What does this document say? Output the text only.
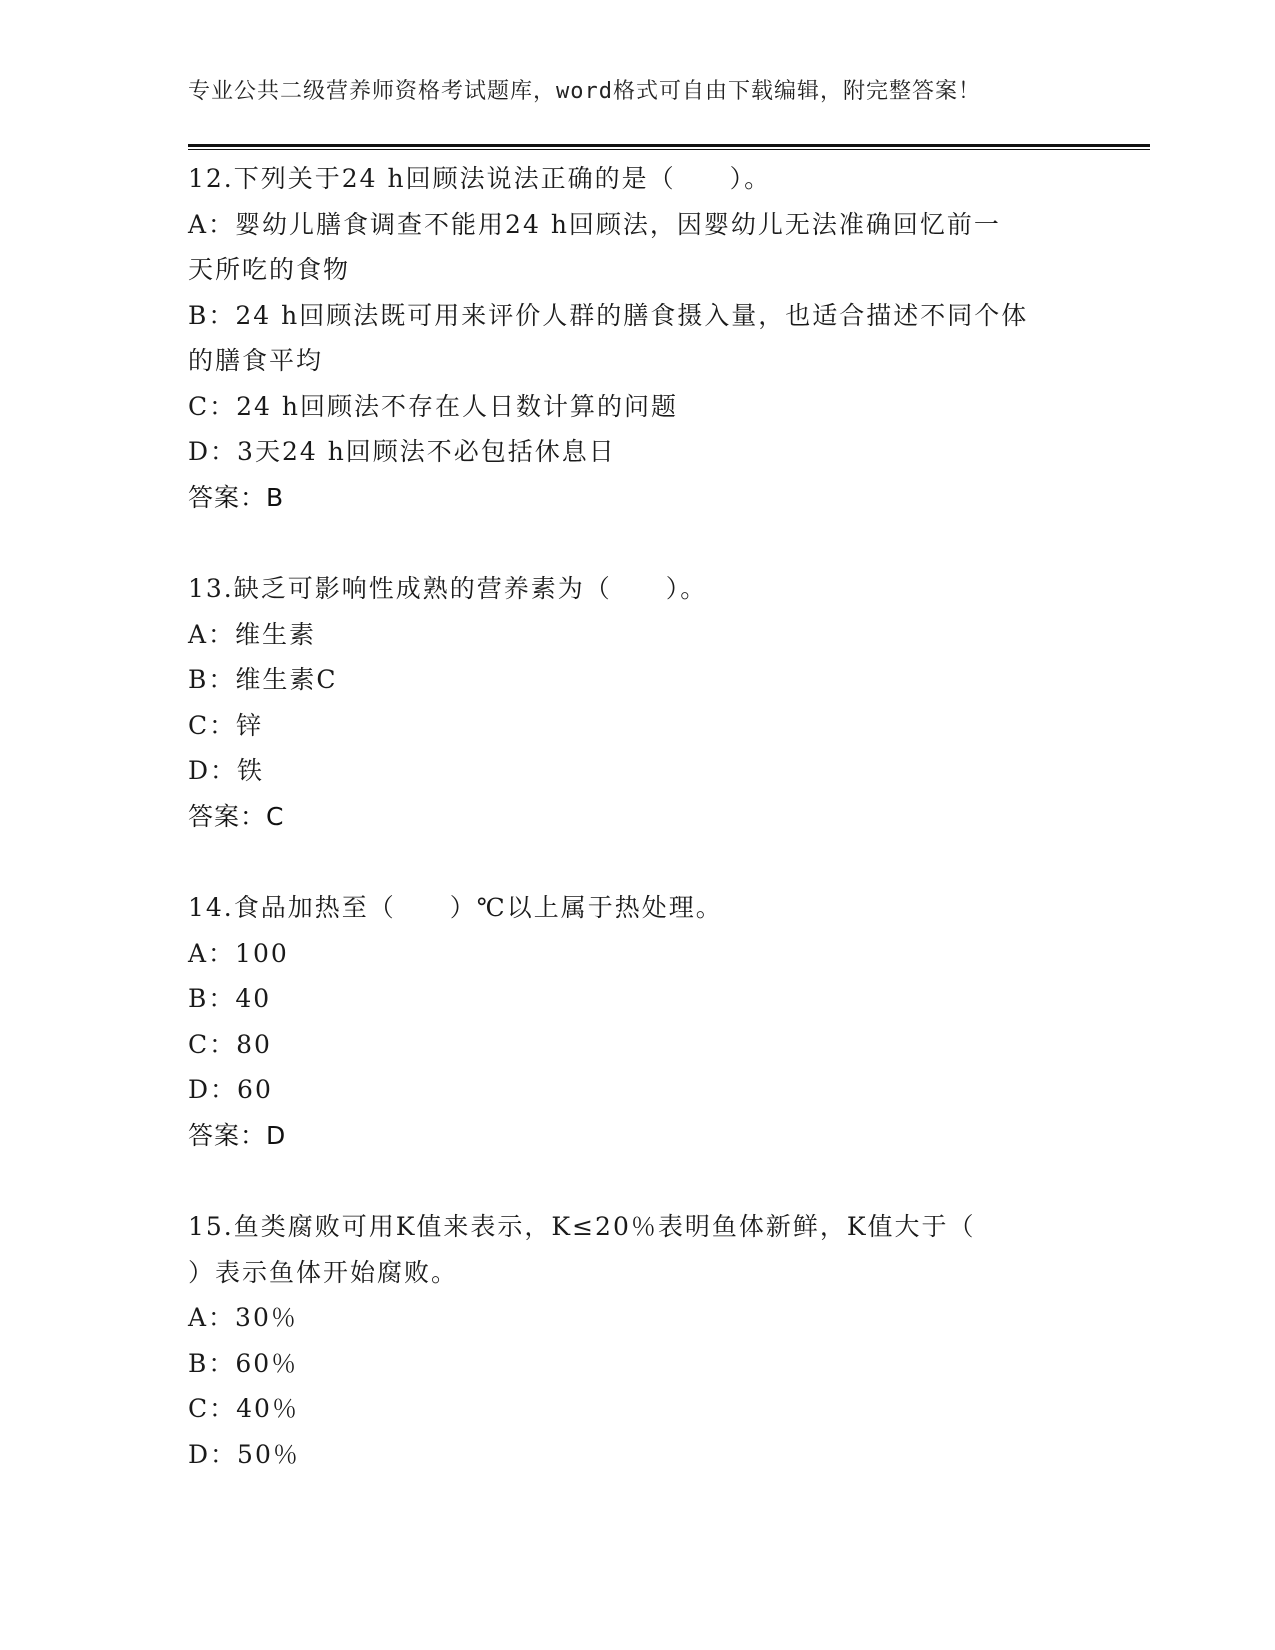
专业公共二级营养师资格考试题库，word格式可自由下载编辑，附完整答案！
12.下列关于24 h回顾法说法正确的是（　　）。
A：婴幼儿膳食调查不能用24 h回顾法，因婴幼儿无法准确回忆前一
天所吃的食物
B：24 h回顾法既可用来评价人群的膳食摄入量，也适合描述不同个体
的膳食平均
C：24 h回顾法不存在人日数计算的问题
D：3天24 h回顾法不必包括休息日
答案：B
13.缺乏可影响性成熟的营养素为（　　）。
A：维生素
B：维生素C
C：锌
D：铁
答案：C
14.食品加热至（　　）℃以上属于热处理。
A：100
B：40
C：80
D：60
答案：D
15.鱼类腐败可用K值来表示，K≤20％表明鱼体新鲜，K值大于（
）表示鱼体开始腐败。
A：30％
B：60％
C：40％
D：50％
